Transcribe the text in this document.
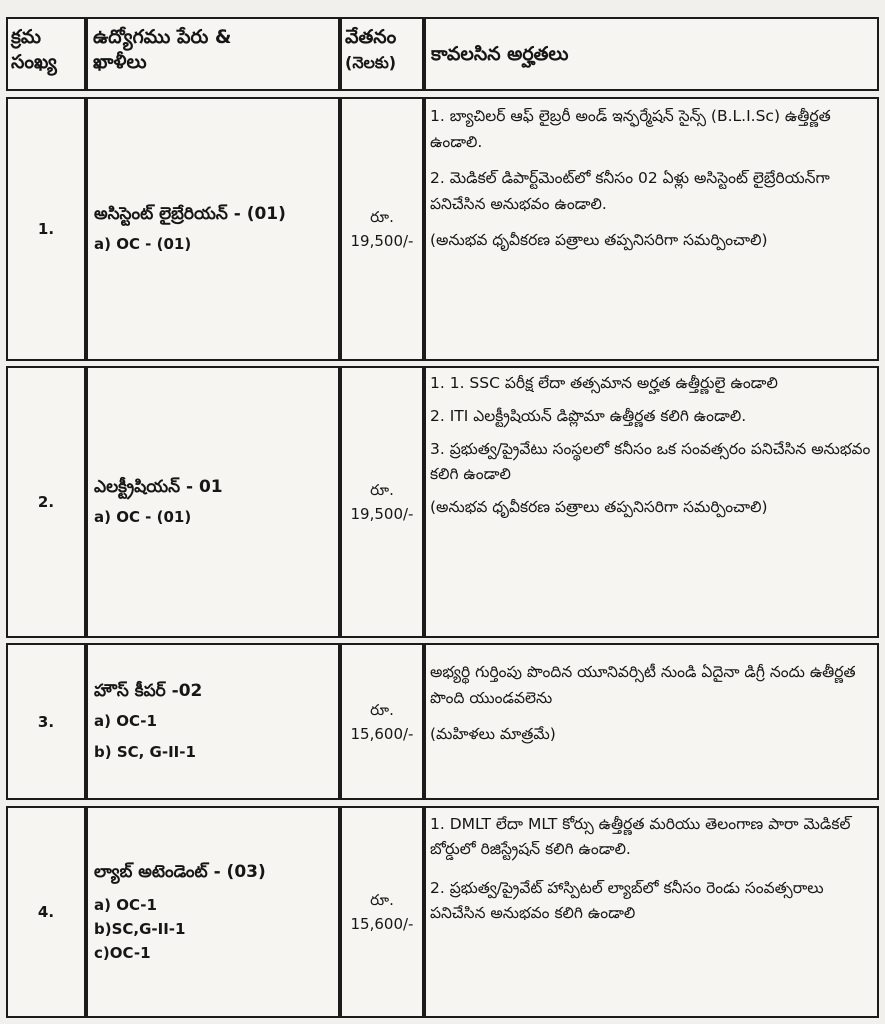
క్రమ
సంఖ్య
ఉద్యోగము పేరు &
ఖాళీలు
వేతనం
(నెలకు)	కావలసిన అర్హతలు
1.
అసిస్టెంట్ లైబ్రేరియన్ - (01)
a) OC - (01)
రూ.
19,500/-

1. బ్యాచిలర్ ఆఫ్ లైబ్రరీ అండ్ ఇన్ఫర్మేషన్ సైన్స్ (B.L.I.Sc) ఉత్తీర్ణత ఉండాలి.

2. మెడికల్ డిపార్ట్‌మెంట్‌లో కనీసం 02 ఏళ్లు అసిస్టెంట్ లైబ్రేరియన్‌గా పనిచేసిన అనుభవం ఉండాలి.

(అనుభవ ధృవీకరణ పత్రాలు తప్పనిసరిగా సమర్పించాలి)

2.
ఎలక్ట్రీషియన్ - 01
a) OC - (01)
రూ.
19,500/-

1. 1. SSC పరీక్ష లేదా తత్సమాన అర్హత ఉత్తీర్ణులై ఉండాలి

2. ITI ఎలక్ట్రీషియన్ డిప్లొమా ఉత్తీర్ణత కలిగి ఉండాలి.

3. ప్రభుత్వ/ప్రైవేటు సంస్థలలో కనీసం ఒక సంవత్సరం పనిచేసిన అనుభవం కలిగి ఉండాలి

(అనుభవ ధృవీకరణ పత్రాలు తప్పనిసరిగా సమర్పించాలి)

3.
హౌస్ కీపర్ -02
a) OC-1
b) SC, G-II-1
రూ.
15,600/-

అభ్యర్థి గుర్తింపు పొందిన యూనివర్సిటీ నుండి ఏదైనా డిగ్రీ నందు ఉతీర్ణత పొంది యుండవలెను

(మహిళలు మాత్రమే)

4.
ల్యాబ్ అటెండెంట్ - (03)
a) OC-1
b)SC,G-II-1
c)OC-1
రూ.
15,600/-

1. DMLT లేదా MLT కోర్సు ఉత్తీర్ణత మరియు తెలంగాణ పారా మెడికల్ బోర్డులో రిజిస్ట్రేషన్ కలిగి ఉండాలి.

2. ప్రభుత్వ/ప్రైవేట్ హాస్పిటల్ ల్యాబ్‌లో కనీసం రెండు సంవత్సరాలు పనిచేసిన అనుభవం కలిగి ఉండాలి
